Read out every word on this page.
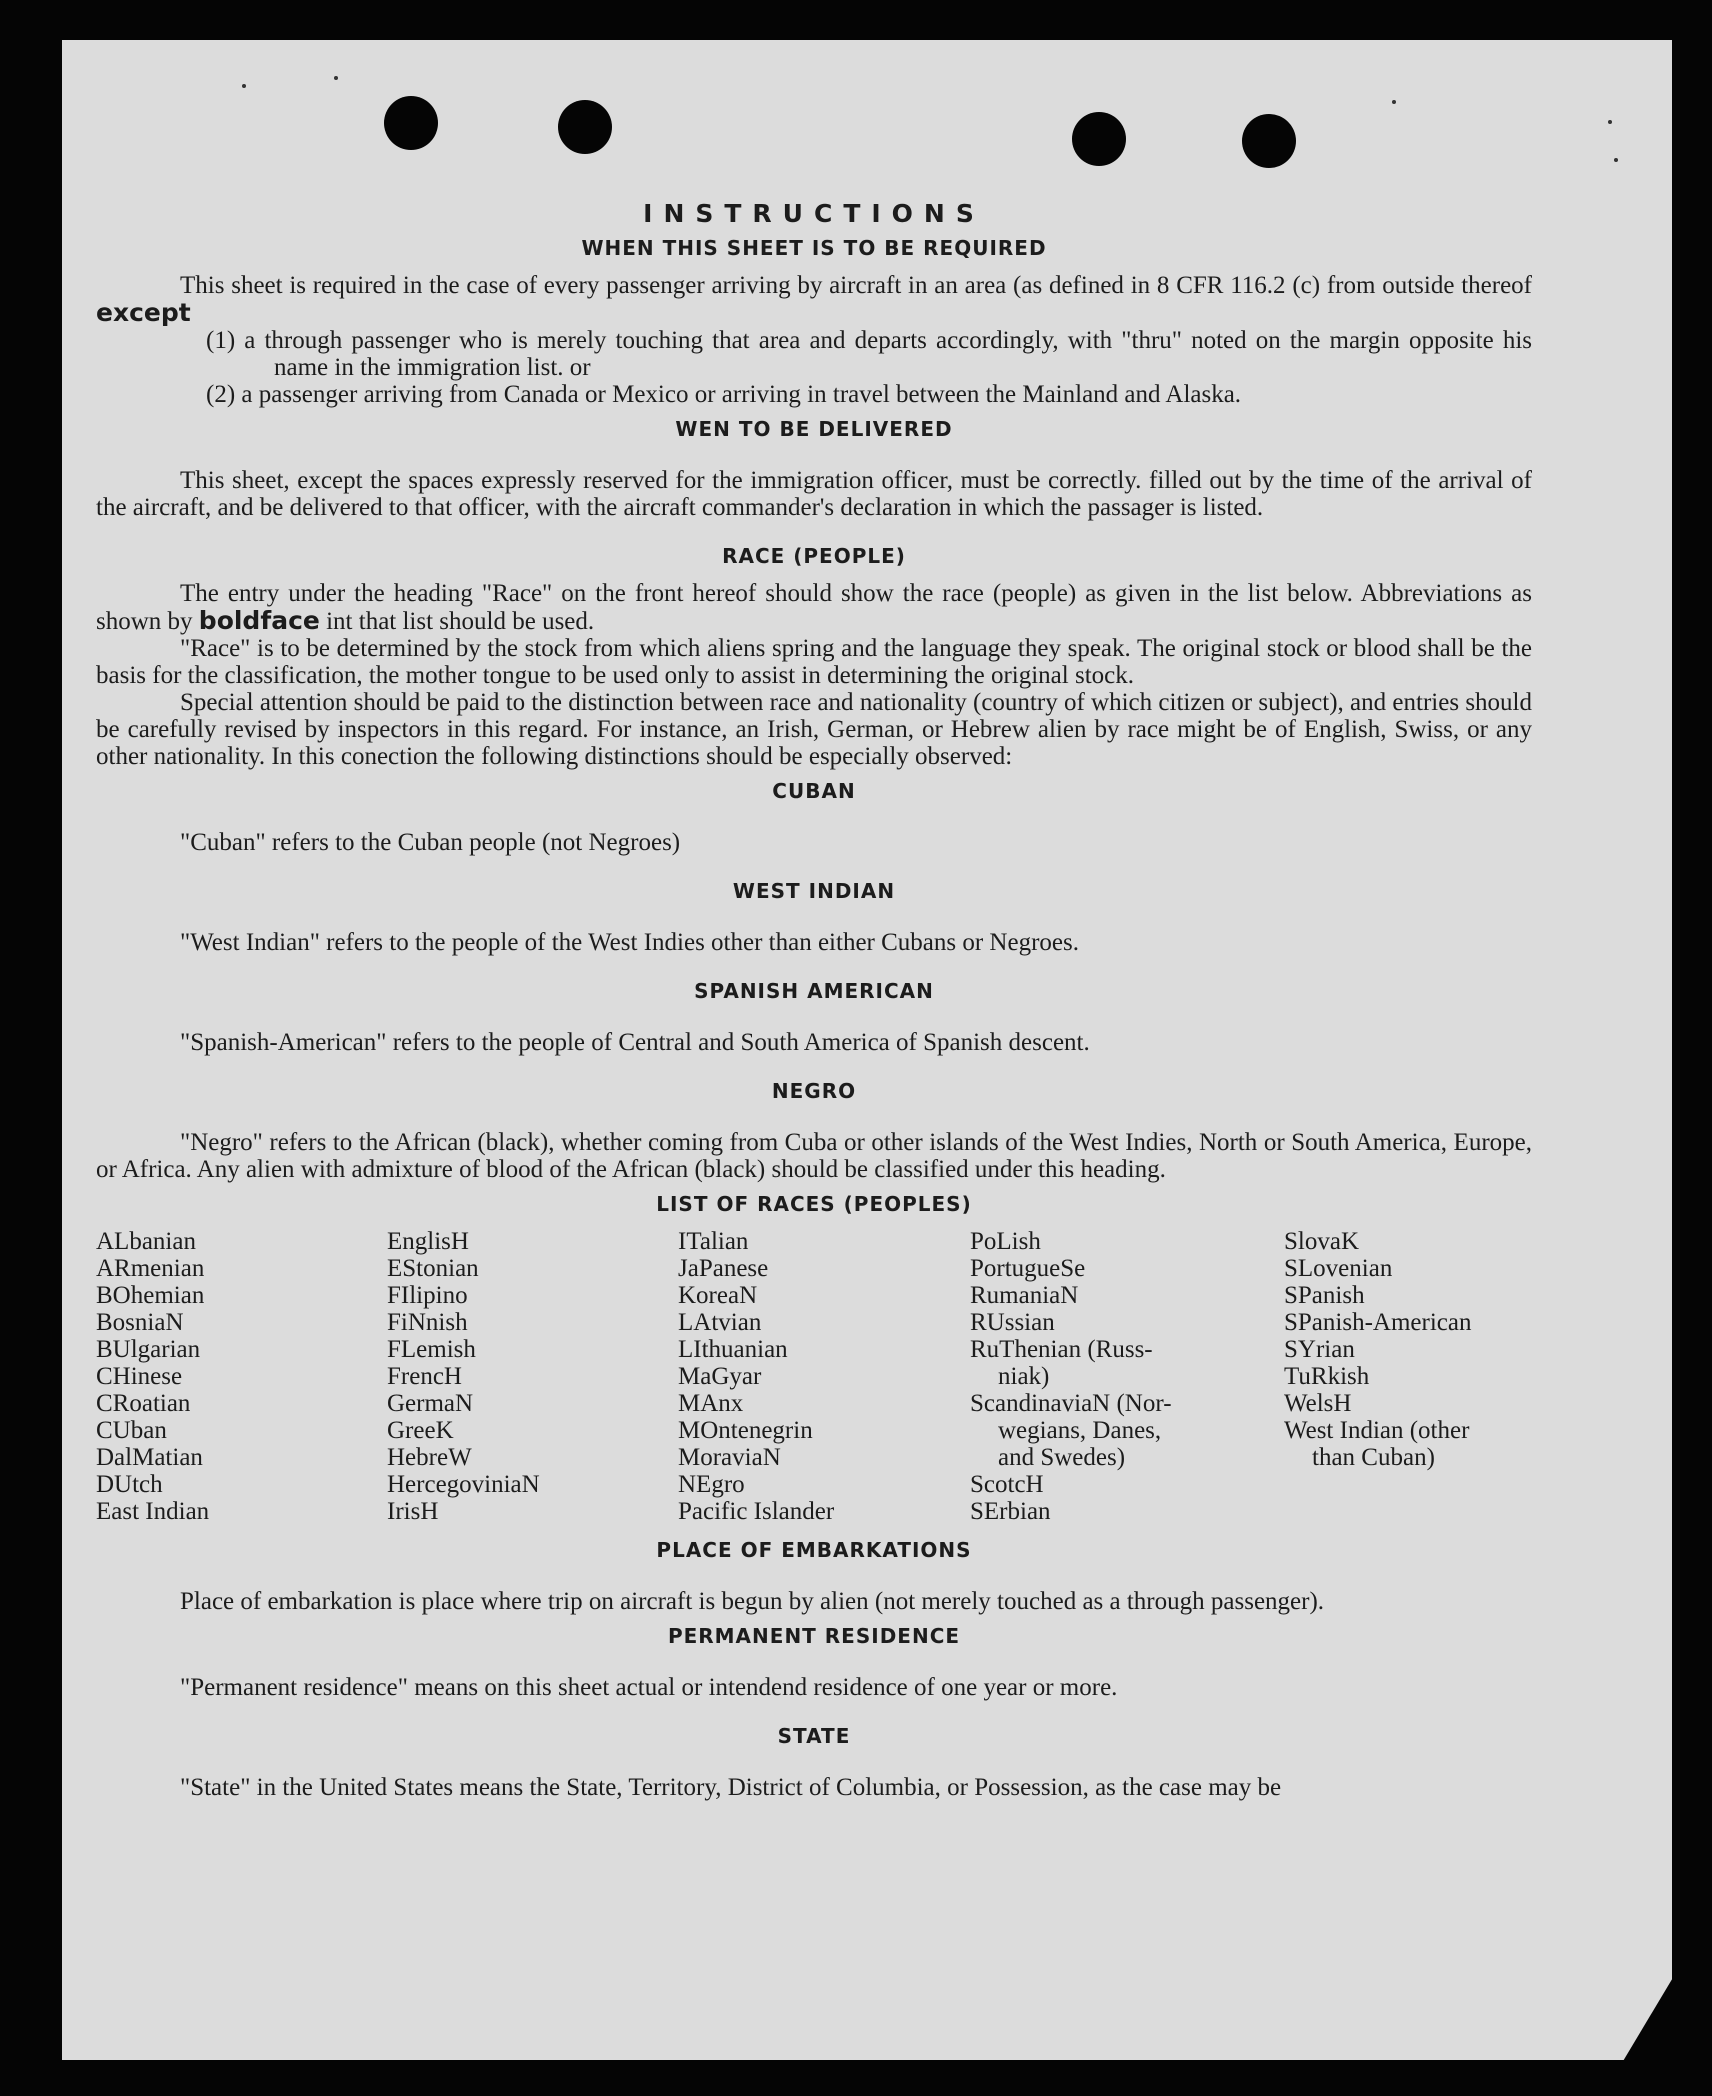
INSTRUCTIONS
WHEN THIS SHEET IS TO BE REQUIRED

This sheet is required in the case of every passenger arriving by aircraft in an area (as defined in 8 CFR 116.2 (c) from outside thereof except

(1) a through passenger who is merely touching that area and departs accordingly, with "thru" noted on the margin opposite his name in the immigration list. or

(2) a passenger arriving from Canada or Mexico or arriving in travel between the Mainland and Alaska.

WEN TO BE DELIVERED

This sheet, except the spaces expressly reserved for the immigration officer, must be correctly. filled out by the time of the arrival of the aircraft, and be delivered to that officer, with the aircraft commander's declaration in which the passager is listed.

RACE (PEOPLE)

The entry under the heading "Race" on the front hereof should show the race (people) as given in the list below. Abbreviations as shown by boldface int that list should be used.

"Race" is to be determined by the stock from which aliens spring and the language they speak. The original stock or blood shall be the basis for the classification, the mother tongue to be used only to assist in determining the original stock.

Special attention should be paid to the distinction between race and nationality (country of which citizen or subject), and entries should be carefully revised by inspectors in this regard. For instance, an Irish, German, or Hebrew alien by race might be of English, Swiss, or any other nationality. In this conection the following distinctions should be especially observed:

CUBAN

"Cuban" refers to the Cuban people (not Negroes)

WEST INDIAN

"West Indian" refers to the people of the West Indies other than either Cubans or Negroes.

SPANISH AMERICAN

"Spanish-American" refers to the people of Central and South America of Spanish descent.

NEGRO

"Negro" refers to the African (black), whether coming from Cuba or other islands of the West Indies, North or South America, Europe, or Africa. Any alien with admixture of blood of the African (black) should be classified under this heading.

LIST OF RACES (PEOPLES)
ALbanian
ARmenian
BOhemian
BosniaN
BUlgarian
CHinese
CRoatian
CUban
DalMatian
DUtch
East Indian
EnglisH
EStonian
FIlipino
FiNnish
FLemish
FrencH
GermaN
GreeK
HebreW
HercegoviniaN
IrisH
ITalian
JaPanese
KoreaN
LAtvian
LIthuanian
MaGyar
MAnx
MOntenegrin
MoraviaN
NEgro
Pacific Islander
PoLish
PortugueSe
RumaniaN
RUssian
RuThenian (Russ-
niak)
ScandinaviaN (Nor-
wegians, Danes,
and Swedes)
ScotcH
SErbian
SlovaK
SLovenian
SPanish
SPanish-American
SYrian
TuRkish
WelsH
West Indian (other
than Cuban)
PLACE OF EMBARKATIONS

Place of embarkation is place where trip on aircraft is begun by alien (not merely touched as a through passenger).

PERMANENT RESIDENCE

"Permanent residence" means on this sheet actual or intendend residence of one year or more.

STATE

"State" in the United States means the State, Territory, District of Columbia, or Possession, as the case may be
